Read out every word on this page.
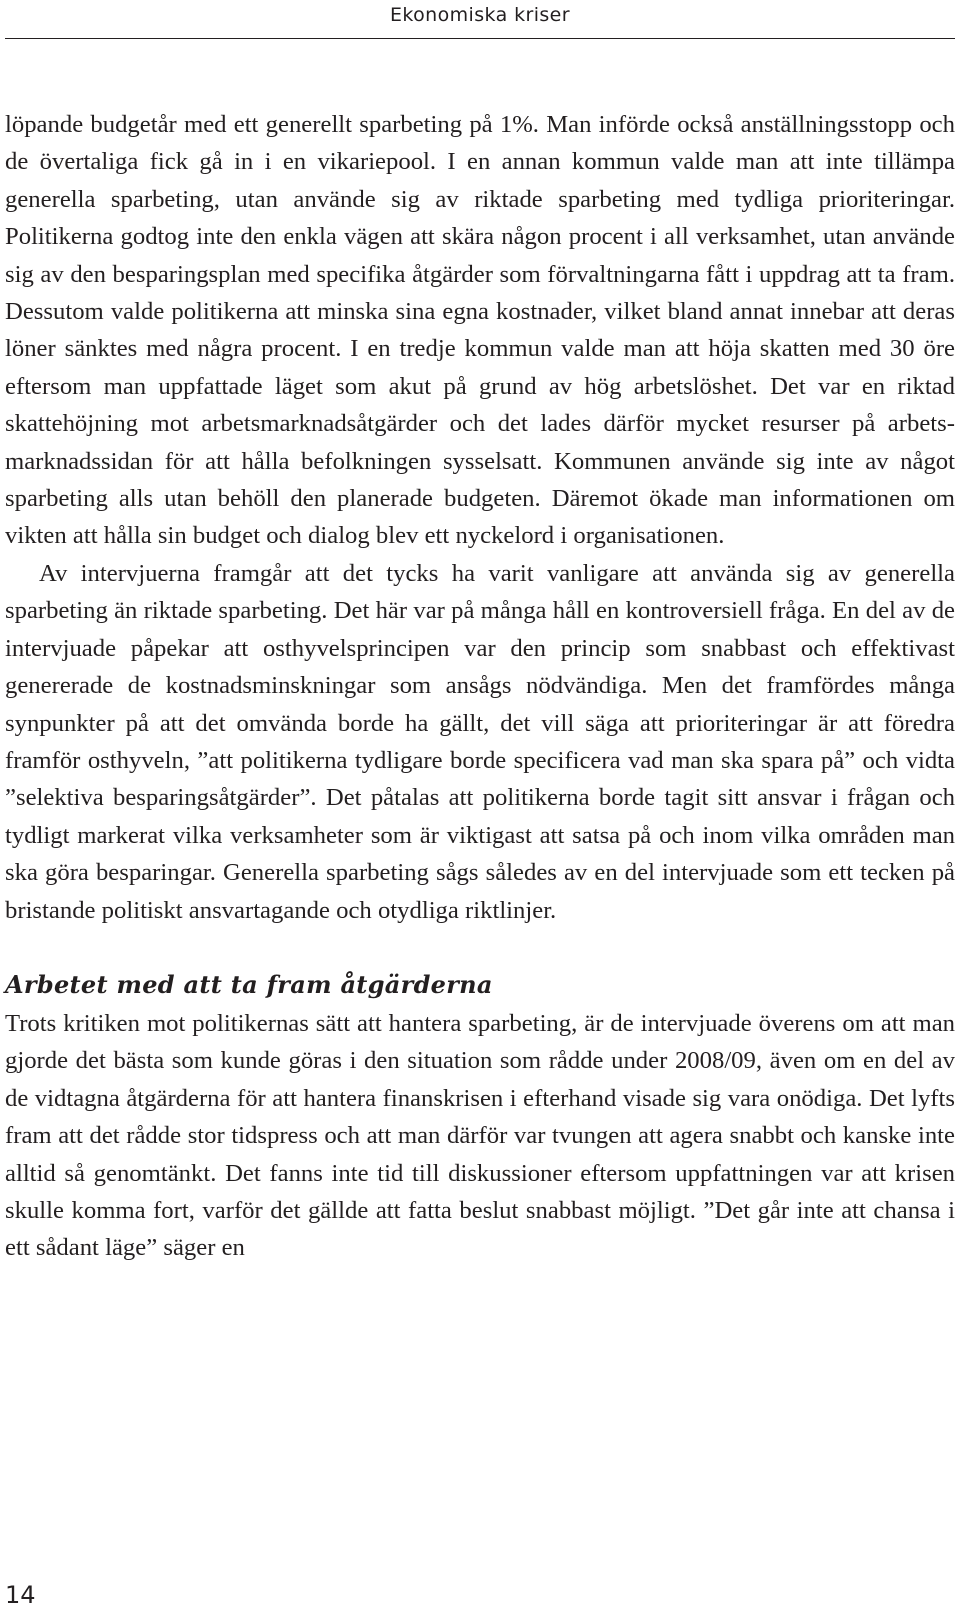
Ekonomiska kriser

löpande budgetår med ett generellt sparbeting på 1%. Man införde också anställningsstopp och de övertaliga fick gå in i en vikariepool. I en annan kommun valde man att inte tillämpa generella sparbeting, utan använde sig av riktade sparbeting med tydliga prioriteringar. Politikerna godtog inte den enkla vägen att skära någon procent i all verksamhet, utan använde sig av den besparingsplan med specifika åtgärder som förvaltningarna fått i uppdrag att ta fram. Dessutom valde politikerna att minska sina egna kostnader, vilket bland annat innebar att deras löner sänktes med några procent. I en tredje kommun valde man att höja skatten med 30 öre eftersom man uppfattade läget som akut på grund av hög arbetslöshet. Det var en riktad skattehöjning mot arbetsmarknadsåtgärder och det lades därför mycket resurser på arbetsmarknadssidan för att hålla befolkningen sysselsatt. Kommunen använde sig inte av något sparbeting alls utan behöll den planerade budgeten. Däremot ökade man informationen om vikten att hålla sin budget och dialog blev ett nyckelord i organisationen.

Av intervjuerna framgår att det tycks ha varit vanligare att använda sig av generella sparbeting än riktade sparbeting. Det här var på många håll en kontroversiell fråga. En del av de intervjuade påpekar att osthyvelsprincipen var den princip som snabbast och effektivast genererade de kostnadsminskningar som ansågs nödvändiga. Men det framfördes många synpunkter på att det omvända borde ha gällt, det vill säga att prioriteringar är att föredra framför osthyveln, ”att politikerna tydligare borde specificera vad man ska spara på” och vidta ”selektiva besparingsåtgärder”. Det påtalas att politikerna borde tagit sitt ansvar i frågan och tydligt markerat vilka verksamheter som är viktigast att satsa på och inom vilka områden man ska göra besparingar. Generella sparbeting sågs således av en del intervjuade som ett tecken på bristande politiskt ansvartagande och otydliga riktlinjer.

Arbetet med att ta fram åtgärderna

Trots kritiken mot politikernas sätt att hantera sparbeting, är de intervjuade överens om att man gjorde det bästa som kunde göras i den situation som rådde under 2008/09, även om en del av de vidtagna åtgärderna för att hantera finanskrisen i efterhand visade sig vara onödiga. Det lyfts fram att det rådde stor tidspress och att man därför var tvungen att agera snabbt och kanske inte alltid så genomtänkt. Det fanns inte tid till diskussioner eftersom uppfattningen var att krisen skulle komma fort, varför det gällde att fatta beslut snabbast möjligt. ”Det går inte att chansa i ett sådant läge” säger en

14
